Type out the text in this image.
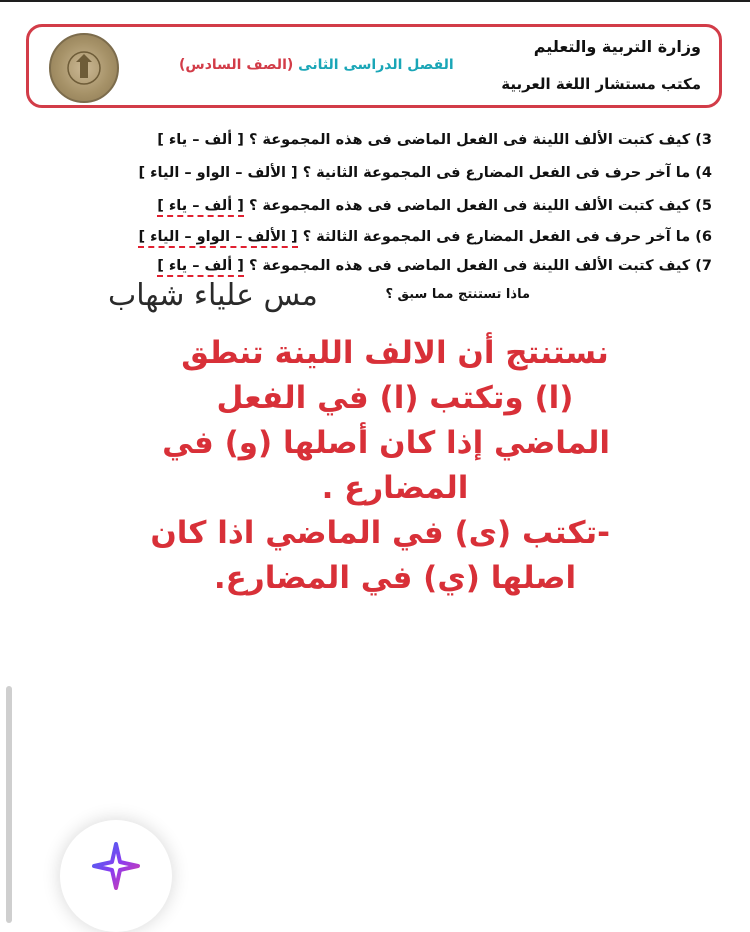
وزارة التربية والتعليم
مكتب مستشار اللغة العربية
(الصف السادس) الفصل الدراسى الثانى
3) كيف كتبت الألف اللينة فى الفعل الماضى فى هذه المجموعة ؟ [ ألف – ياء ]
4) ما آخر حرف فى الفعل المضارع فى المجموعة الثانية ؟ [ الألف – الواو – الياء ]
5) كيف كتبت الألف اللينة فى الفعل الماضى فى هذه المجموعة ؟ [ ألف – ياء ]
6) ما آخر حرف فى الفعل المضارع فى المجموعة الثالثة ؟ [ الألف – الواو – الياء ]
7) كيف كتبت الألف اللينة فى الفعل الماضى فى هذه المجموعة ؟ [ ألف – ياء ]
ماذا تستنتج مما سبق ؟
مس علياء شهاب
نستنتج أن الالف اللينة تنطق
(ا) وتكتب (ا) في الفعل
الماضي إذا كان أصلها (و) في
المضارع .
-تكتب (ى) في الماضي اذا كان
اصلها (ي) في المضارع.
